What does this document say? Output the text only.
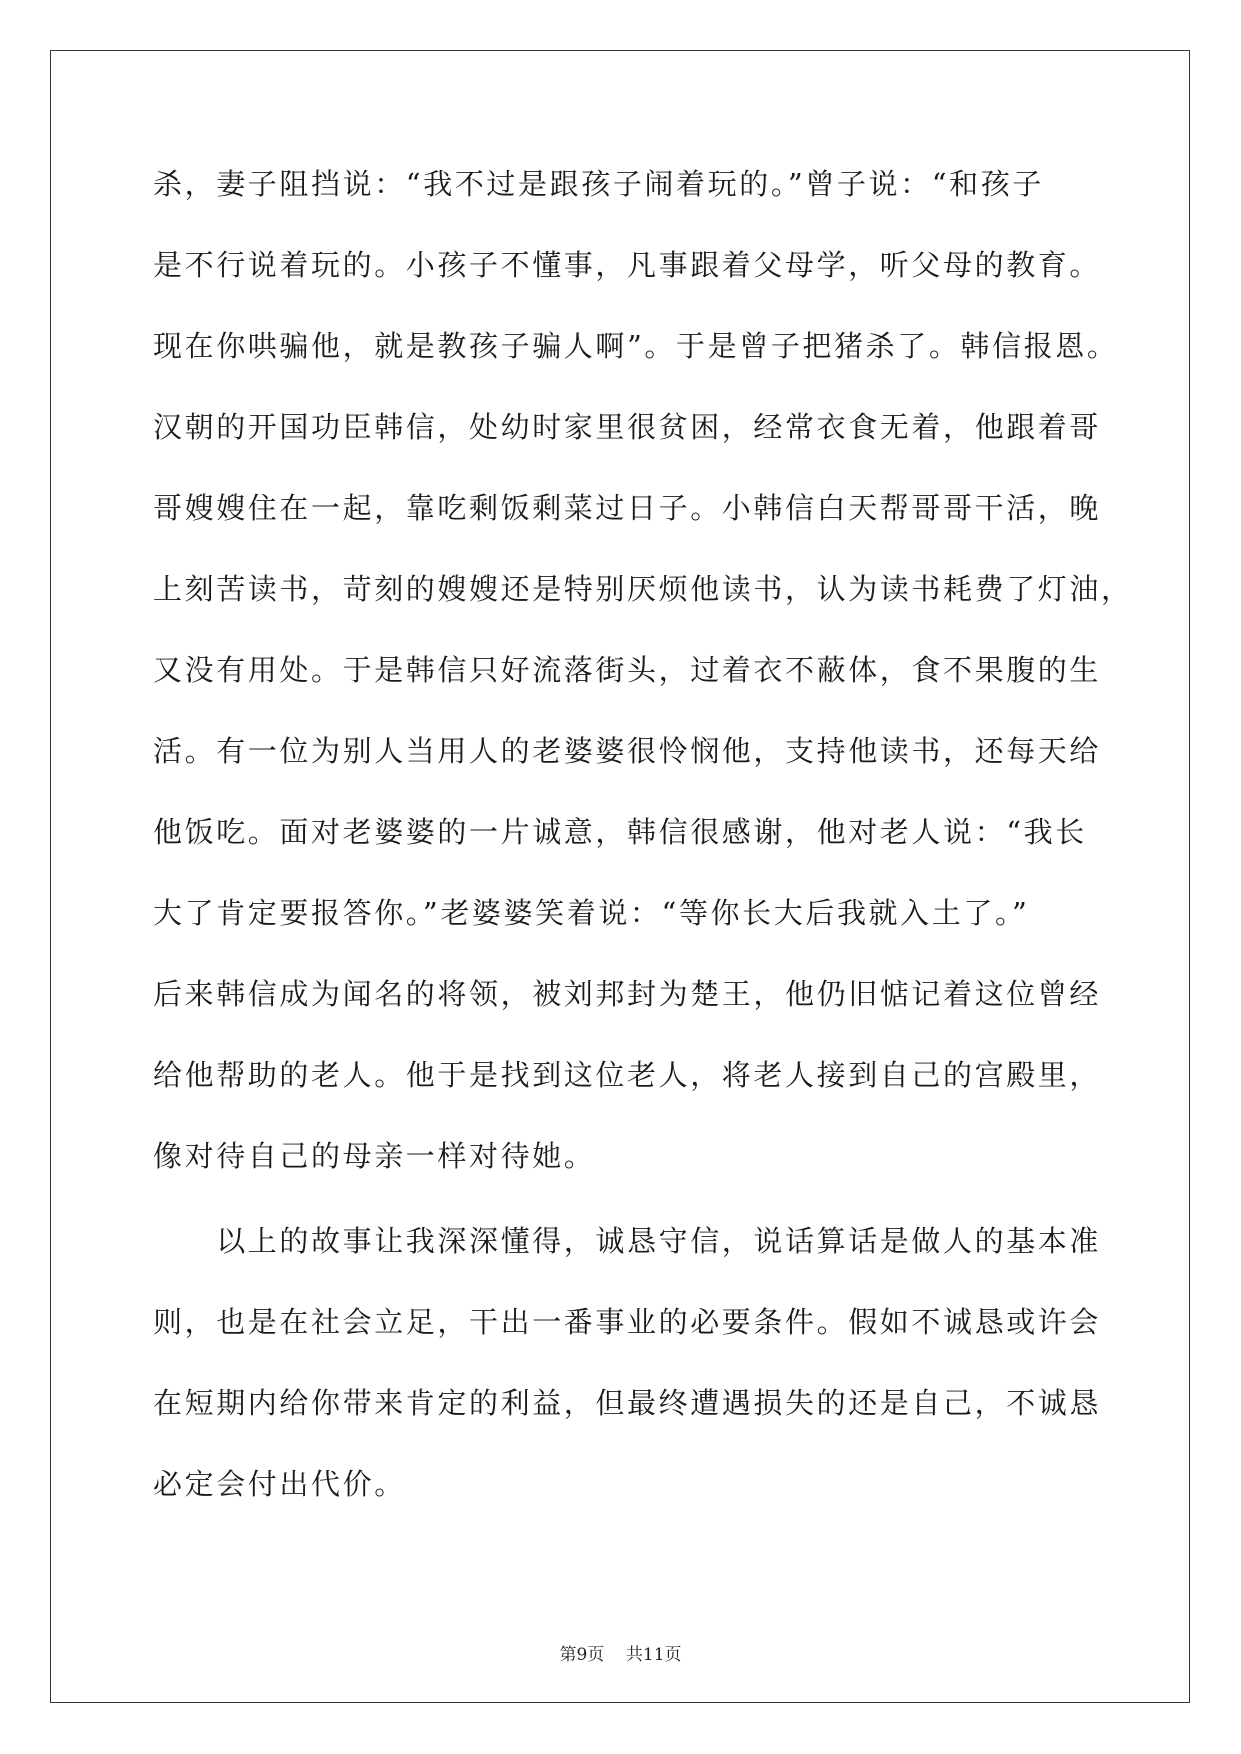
杀，妻子阻挡说：“我不过是跟孩子闹着玩的。”曾子说：“和孩子
是不行说着玩的。小孩子不懂事，凡事跟着父母学，听父母的教育。
现在你哄骗他，就是教孩子骗人啊”。于是曾子把猪杀了。韩信报恩。
汉朝的开国功臣韩信，处幼时家里很贫困，经常衣食无着，他跟着哥
哥嫂嫂住在一起，靠吃剩饭剩菜过日子。小韩信白天帮哥哥干活，晚
上刻苦读书，苛刻的嫂嫂还是特别厌烦他读书，认为读书耗费了灯油，
又没有用处。于是韩信只好流落街头，过着衣不蔽体，食不果腹的生
活。有一位为别人当用人的老婆婆很怜悯他，支持他读书，还每天给
他饭吃。面对老婆婆的一片诚意，韩信很感谢，他对老人说：“我长
大了肯定要报答你。”老婆婆笑着说：“等你长大后我就入土了。”
后来韩信成为闻名的将领，被刘邦封为楚王，他仍旧惦记着这位曾经
给他帮助的老人。他于是找到这位老人，将老人接到自己的宫殿里，
像对待自己的母亲一样对待她。
　　以上的故事让我深深懂得，诚恳守信，说话算话是做人的基本准
则，也是在社会立足，干出一番事业的必要条件。假如不诚恳或许会
在短期内给你带来肯定的利益，但最终遭遇损失的还是自己，不诚恳
必定会付出代价。
第9页 共11页
